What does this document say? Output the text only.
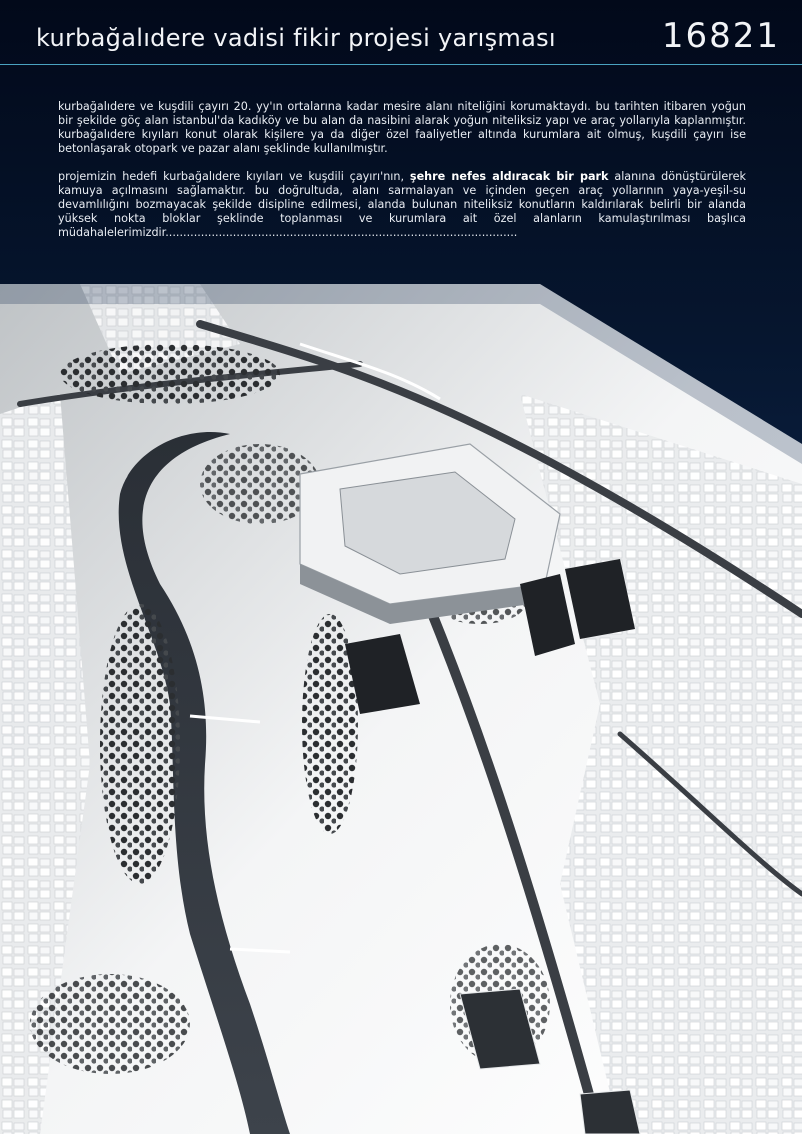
kurbağalıdere vadisi fikir projesi yarışması	16821

kurbağalıdere ve kuşdili çayırı 20. yy'ın ortalarına kadar mesire alanı niteliğini korumaktaydı. bu tarihten itibaren yoğun bir şekilde göç alan istanbul'da kadıköy ve bu alan da nasibini alarak yoğun niteliksiz yapı ve araç yollarıyla kaplanmıştır. kurbağalıdere kıyıları konut olarak kişilere ya da diğer özel faaliyetler altında kurumlara ait olmuş, kuşdili çayırı ise betonlaşarak otopark ve pazar alanı şeklinde kullanılmıştır.

projemizin hedefi kurbağalıdere kıyıları ve kuşdili çayırı'nın, şehre nefes aldıracak bir park alanına dönüştürülerek kamuya açılmasını sağlamaktır. bu doğrultuda, alanı sarmalayan ve içinden geçen araç yollarının yaya-yeşil-su devamlılığını bozmayacak şekilde disipline edilmesi, alanda bulunan niteliksiz konutların kaldırılarak belirli bir alanda yüksek nokta bloklar şeklinde toplanması ve kurumlara ait özel alanların kamulaştırılması başlıca müdahalelerimizdir...................................................................................................
